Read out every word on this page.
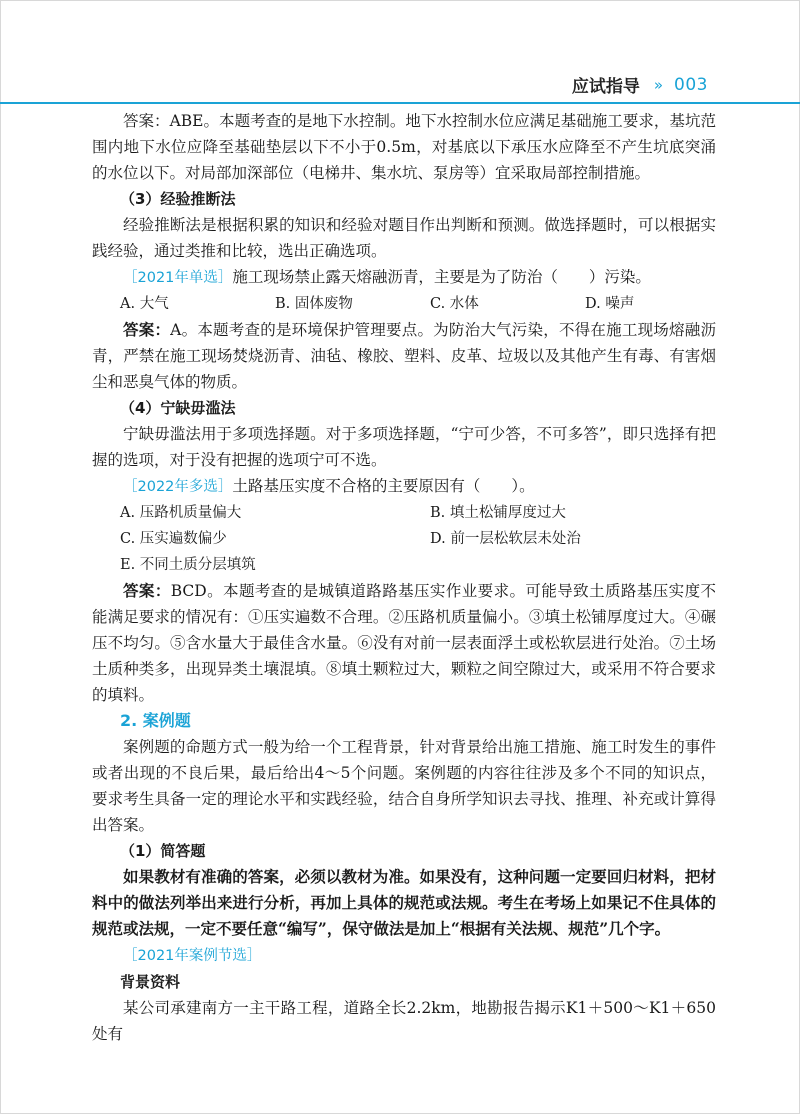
应试指导 » 003

答案：ABE。本题考查的是地下水控制。地下水控制水位应满足基础施工要求，基坑范围内地下水位应降至基础垫层以下不小于0.5m，对基底以下承压水应降至不产生坑底突涌的水位以下。对局部加深部位（电梯井、集水坑、泵房等）宜采取局部控制措施。

（3）经验推断法

经验推断法是根据积累的知识和经验对题目作出判断和预测。做选择题时，可以根据实践经验，通过类推和比较，选出正确选项。

［2021年单选］施工现场禁止露天熔融沥青，主要是为了防治（　　）污染。

A. 大气	B. 固体废物	C. 水体	D. 噪声

答案：A。本题考查的是环境保护管理要点。为防治大气污染，不得在施工现场熔融沥青，严禁在施工现场焚烧沥青、油毡、橡胶、塑料、皮革、垃圾以及其他产生有毒、有害烟尘和恶臭气体的物质。

（4）宁缺毋滥法

宁缺毋滥法用于多项选择题。对于多项选择题，“宁可少答，不可多答”，即只选择有把握的选项，对于没有把握的选项宁可不选。

［2022年多选］土路基压实度不合格的主要原因有（　　）。

A. 压路机质量偏大	B. 填土松铺厚度过大
C. 压实遍数偏少	D. 前一层松软层未处治
E. 不同土质分层填筑

答案：BCD。本题考查的是城镇道路路基压实作业要求。可能导致土质路基压实度不能满足要求的情况有：①压实遍数不合理。②压路机质量偏小。③填土松铺厚度过大。④碾压不均匀。⑤含水量大于最佳含水量。⑥没有对前一层表面浮土或松软层进行处治。⑦土场土质种类多，出现异类土壤混填。⑧填土颗粒过大，颗粒之间空隙过大，或采用不符合要求的填料。

2. 案例题

案例题的命题方式一般为给一个工程背景，针对背景给出施工措施、施工时发生的事件或者出现的不良后果，最后给出4～5个问题。案例题的内容往往涉及多个不同的知识点，要求考生具备一定的理论水平和实践经验，结合自身所学知识去寻找、推理、补充或计算得出答案。

（1）简答题

如果教材有准确的答案，必须以教材为准。如果没有，这种问题一定要回归材料，把材料中的做法列举出来进行分析，再加上具体的规范或法规。考生在考场上如果记不住具体的规范或法规，一定不要任意“编写”，保守做法是加上“根据有关法规、规范”几个字。

［2021年案例节选］

背景资料

某公司承建南方一主干路工程，道路全长2.2km，地勘报告揭示K1＋500～K1＋650处有
